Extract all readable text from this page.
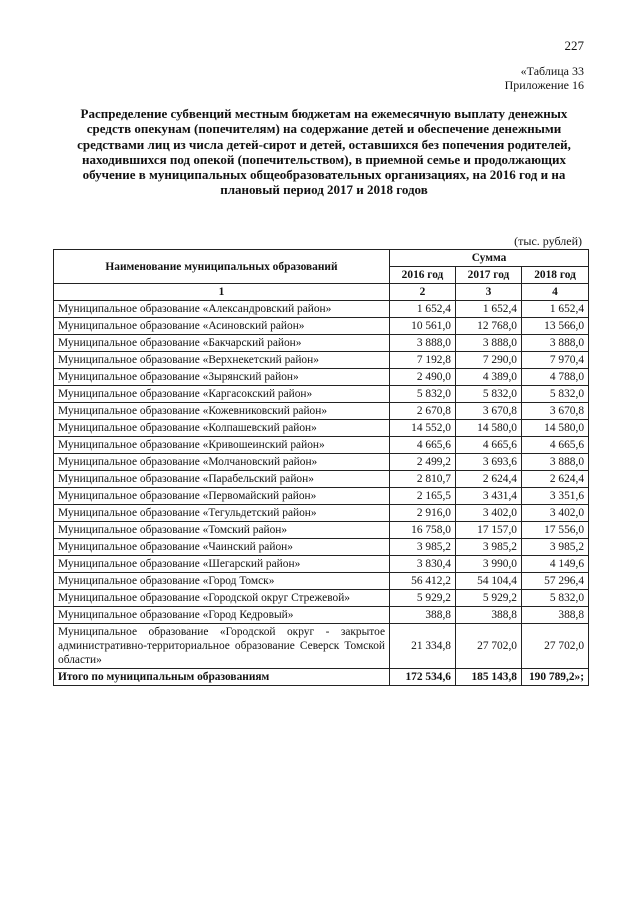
227
«Таблица 33
Приложение 16
Распределение субвенций местным бюджетам на ежемесячную выплату денежных средств опекунам (попечителям) на содержание детей и обеспечение денежными средствами лиц из числа детей-сирот и детей, оставшихся без попечения родителей, находившихся под опекой (попечительством), в приемной семье и продолжающих обучение в муниципальных общеобразовательных организациях, на 2016 год и на плановый период 2017 и 2018 годов
(тыс. рублей)
Наименование муниципальных образований	Сумма		
	2016 год	2017 год	2018 год
1	2	3	4
Муниципальное образование «Александровский район»	1 652,4	1 652,4	1 652,4
Муниципальное образование «Асиновский район»	10 561,0	12 768,0	13 566,0
Муниципальное образование «Бакчарский район»	3 888,0	3 888,0	3 888,0
Муниципальное образование «Верхнекетский район»	7 192,8	7 290,0	7 970,4
Муниципальное образование «Зырянский район»	2 490,0	4 389,0	4 788,0
Муниципальное образование «Каргасокский район»	5 832,0	5 832,0	5 832,0
Муниципальное образование «Кожевниковский район»	2 670,8	3 670,8	3 670,8
Муниципальное образование «Колпашевский район»	14 552,0	14 580,0	14 580,0
Муниципальное образование «Кривошеинский район»	4 665,6	4 665,6	4 665,6
Муниципальное образование «Молчановский район»	2 499,2	3 693,6	3 888,0
Муниципальное образование «Парабельский район»	2 810,7	2 624,4	2 624,4
Муниципальное образование «Первомайский район»	2 165,5	3 431,4	3 351,6
Муниципальное образование «Тегульдетский район»	2 916,0	3 402,0	3 402,0
Муниципальное образование «Томский район»	16 758,0	17 157,0	17 556,0
Муниципальное образование «Чаинский район»	3 985,2	3 985,2	3 985,2
Муниципальное образование «Шегарский район»	3 830,4	3 990,0	4 149,6
Муниципальное образование «Город Томск»	56 412,2	54 104,4	57 296,4
Муниципальное образование «Городской округ Стрежевой»	5 929,2	5 929,2	5 832,0
Муниципальное образование «Город Кедровый»	388,8	388,8	388,8
Муниципальное образование «Городской округ - закрытое административно-территориальное образование Северск Томской области»	21 334,8	27 702,0	27 702,0
Итого по муниципальным образованиям	172 534,6	185 143,8	190 789,2»;
